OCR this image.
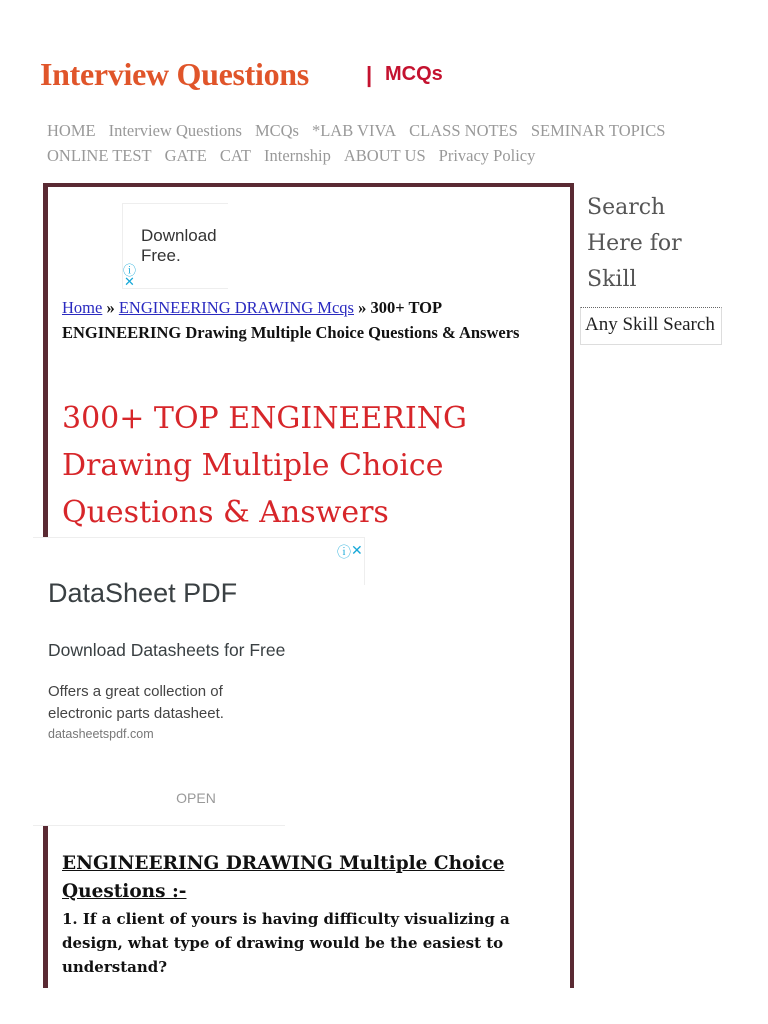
Interview Questions	| MCQs
HOME Interview Questions MCQs *LAB VIVA CLASS NOTES SEMINAR TOPICS
ONLINE TEST GATE CAT Internship ABOUT US Privacy Policy
Download Free.
ⓘ
✕
Home » ENGINEERING DRAWING Mcqs » 300+ TOP ENGINEERING Drawing Multiple Choice Questions & Answers
300+ TOP ENGINEERING Drawing Multiple Choice Questions & Answers
ⓘ ✕
DataSheet PDF
Download Datasheets for Free
Offers a great collection of electronic parts datasheet.
datasheetspdf.com
OPEN
ENGINEERING DRAWING Multiple Choice Questions :-

1. If a client of yours is having difficulty visualizing a design, what type of drawing would be the easiest to understand?

Search Here for Skill
Any Skill Search
